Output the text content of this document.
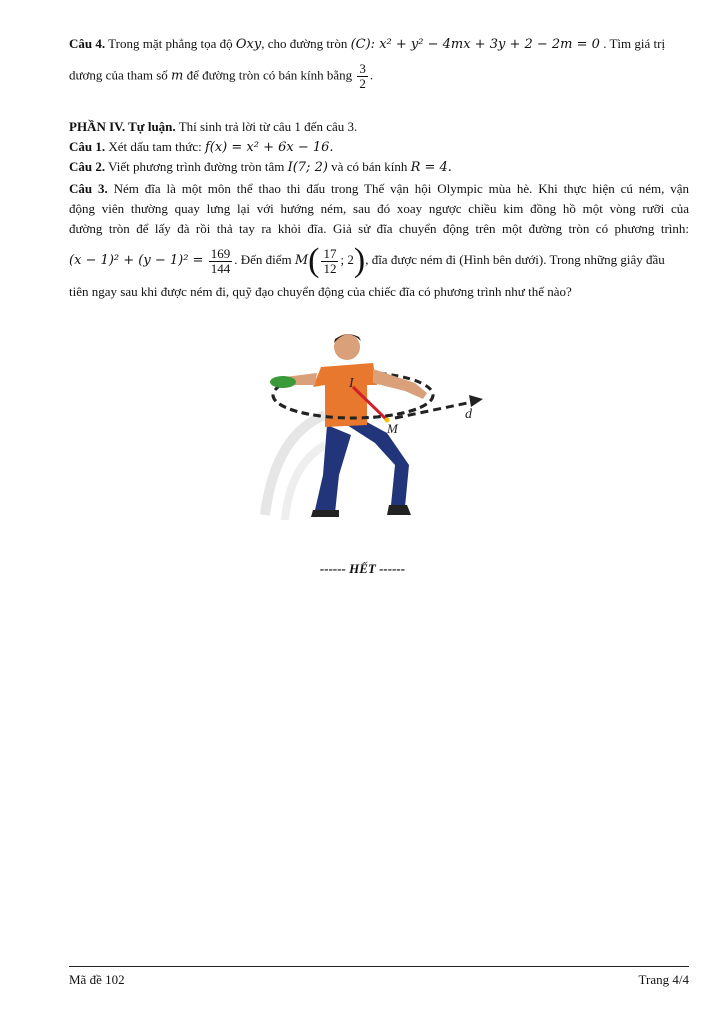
Câu 4. Trong mặt phẳng tọa độ Oxy, cho đường tròn (C): x² + y² − 4mx + 3y + 2 − 2m = 0 . Tìm giá trị
dương của tham số m để đường tròn có bán kính bằng $\frac{3}{2}$ .
PHẦN IV. Tự luận. Thí sinh trả lời từ câu 1 đến câu 3.
Câu 1. Xét dấu tam thức: f(x) = x² + 6x − 16.
Câu 2. Viết phương trình đường tròn tâm I(7; 2) và có bán kính R = 4.
Câu 3. Ném đĩa là một môn thể thao thi đấu trong Thế vận hội Olympic mùa hè. Khi thực hiện cú ném, vận
động viên thường quay lưng lại với hướng ném, sau đó xoay ngược chiều kim đồng hồ một vòng rưỡi của
đường tròn để lấy đà rồi thả tay ra khỏi đĩa. Giả sử đĩa chuyển động trên một đường tròn có phương trình:
$(x - 1)^2 + (y - 1)^2 = \frac{169}{144}$ . Đến điểm $M( \frac{17}{12}$ ; 2), đĩa được ném đi (Hình bên dưới). Trong những giây đầu
tiên ngay sau khi được ném đi, quỹ đạo chuyển động của chiếc đĩa có phương trình như thế nào?
I
M
d
------ HẾT ------
Mã đề 102	Trang 4/4
